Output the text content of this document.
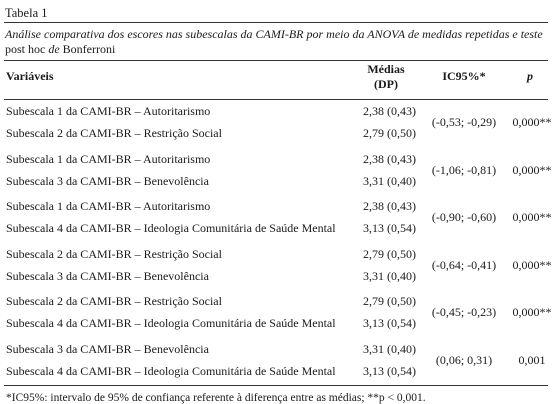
Tabela 1
Análise comparativa dos escores nas subescalas da CAMI-BR por meio da ANOVA de medidas repetidas e teste post hoc de Bonferroni
Variáveis	Médias
(DP)
IC95%*	p
Subescala 1 da CAMI-BR – Autoritarismo	2,38 (0,43)
Subescala 2 da CAMI-BR – Restrição Social	2,79 (0,50)
(-0,53; -0,29)	0,000**
Subescala 1 da CAMI-BR – Autoritarismo	2,38 (0,43)
Subescala 3 da CAMI-BR – Benevolência	3,31 (0,40)
(-1,06; -0,81)	0,000**
Subescala 1 da CAMI-BR – Autoritarismo	2,38 (0,43)
Subescala 4 da CAMI-BR – Ideologia Comunitária de Saúde Mental	3,13 (0,54)
(-0,90; -0,60)	0,000**
Subescala 2 da CAMI-BR – Restrição Social	2,79 (0,50)
Subescala 3 da CAMI-BR – Benevolência	3,31 (0,40)
(-0,64; -0,41)	0,000**
Subescala 2 da CAMI-BR – Restrição Social	2,79 (0,50)
Subescala 4 da CAMI-BR – Ideologia Comunitária de Saúde Mental	3,13 (0,54)
(-0,45; -0,23)	0,000**
Subescala 3 da CAMI-BR – Benevolência	3,31 (0,40)
Subescala 4 da CAMI-BR – Ideologia Comunitária de Saúde Mental	3,13 (0,54)
(0,06; 0,31)	0,001
*IC95%: intervalo de 95% de confiança referente à diferença entre as médias; **p < 0,001.
